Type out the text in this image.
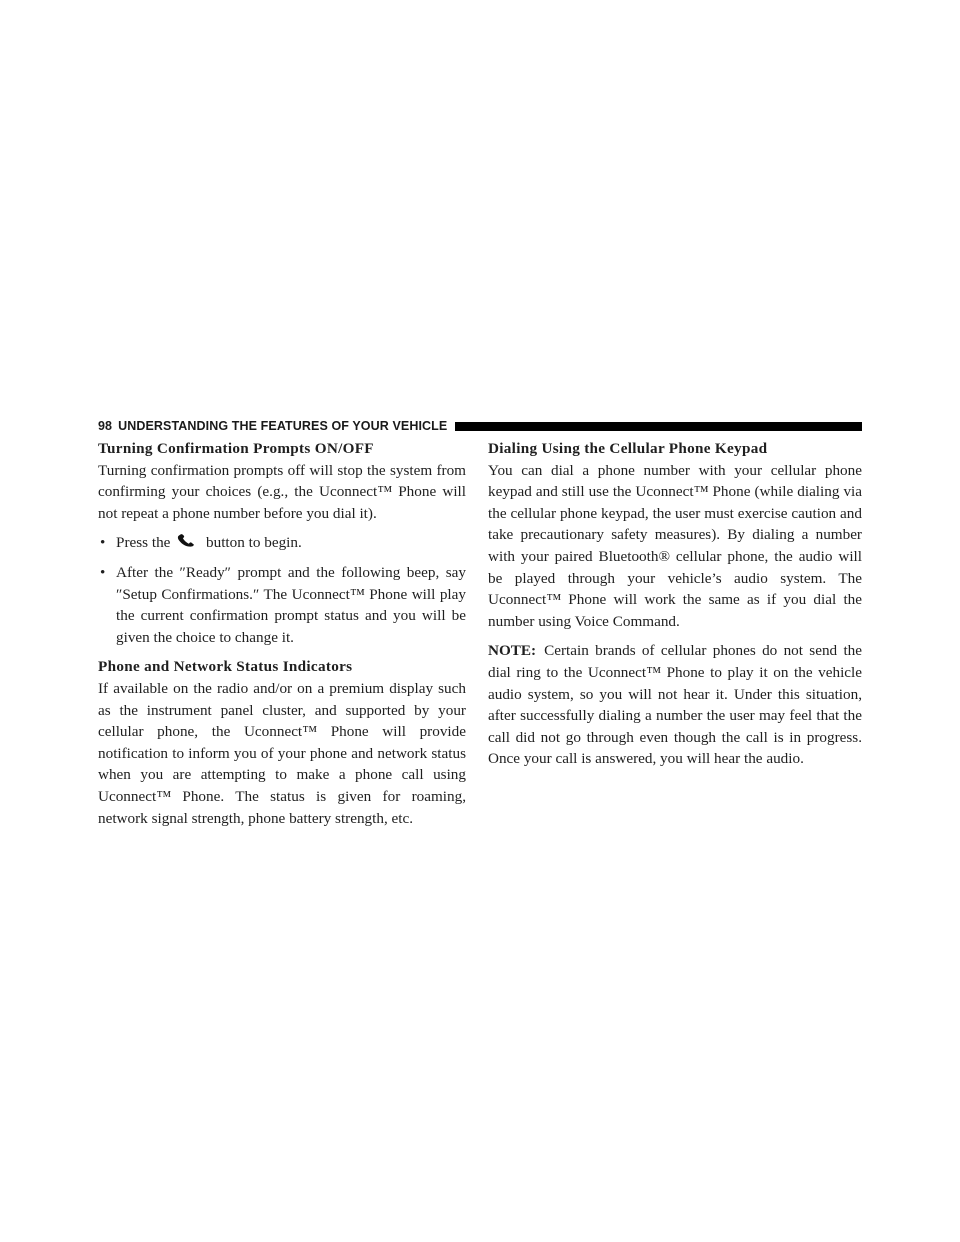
98 UNDERSTANDING THE FEATURES OF YOUR VEHICLE
Turning Confirmation Prompts ON/OFF

Turning confirmation prompts off will stop the system from confirming your choices (e.g., the Uconnect™ Phone will not repeat a phone number before you dial it).

• Press the button to begin.
• After the ″Ready″ prompt and the following beep, say ″Setup Confirmations.″ The Uconnect™ Phone will play the current confirmation prompt status and you will be given the choice to change it.
Phone and Network Status Indicators

If available on the radio and/or on a premium display such as the instrument panel cluster, and supported by your cellular phone, the Uconnect™ Phone will provide notification to inform you of your phone and network status when you are attempting to make a phone call using Uconnect™ Phone. The status is given for roaming, network signal strength, phone battery strength, etc.

Dialing Using the Cellular Phone Keypad

You can dial a phone number with your cellular phone keypad and still use the Uconnect™ Phone (while dialing via the cellular phone keypad, the user must exercise caution and take precautionary safety measures). By dialing a number with your paired Bluetooth® cellular phone, the audio will be played through your vehicle’s audio system. The Uconnect™ Phone will work the same as if you dial the number using Voice Command.

NOTE: Certain brands of cellular phones do not send the dial ring to the Uconnect™ Phone to play it on the vehicle audio system, so you will not hear it. Under this situation, after successfully dialing a number the user may feel that the call did not go through even though the call is in progress. Once your call is answered, you will hear the audio.
